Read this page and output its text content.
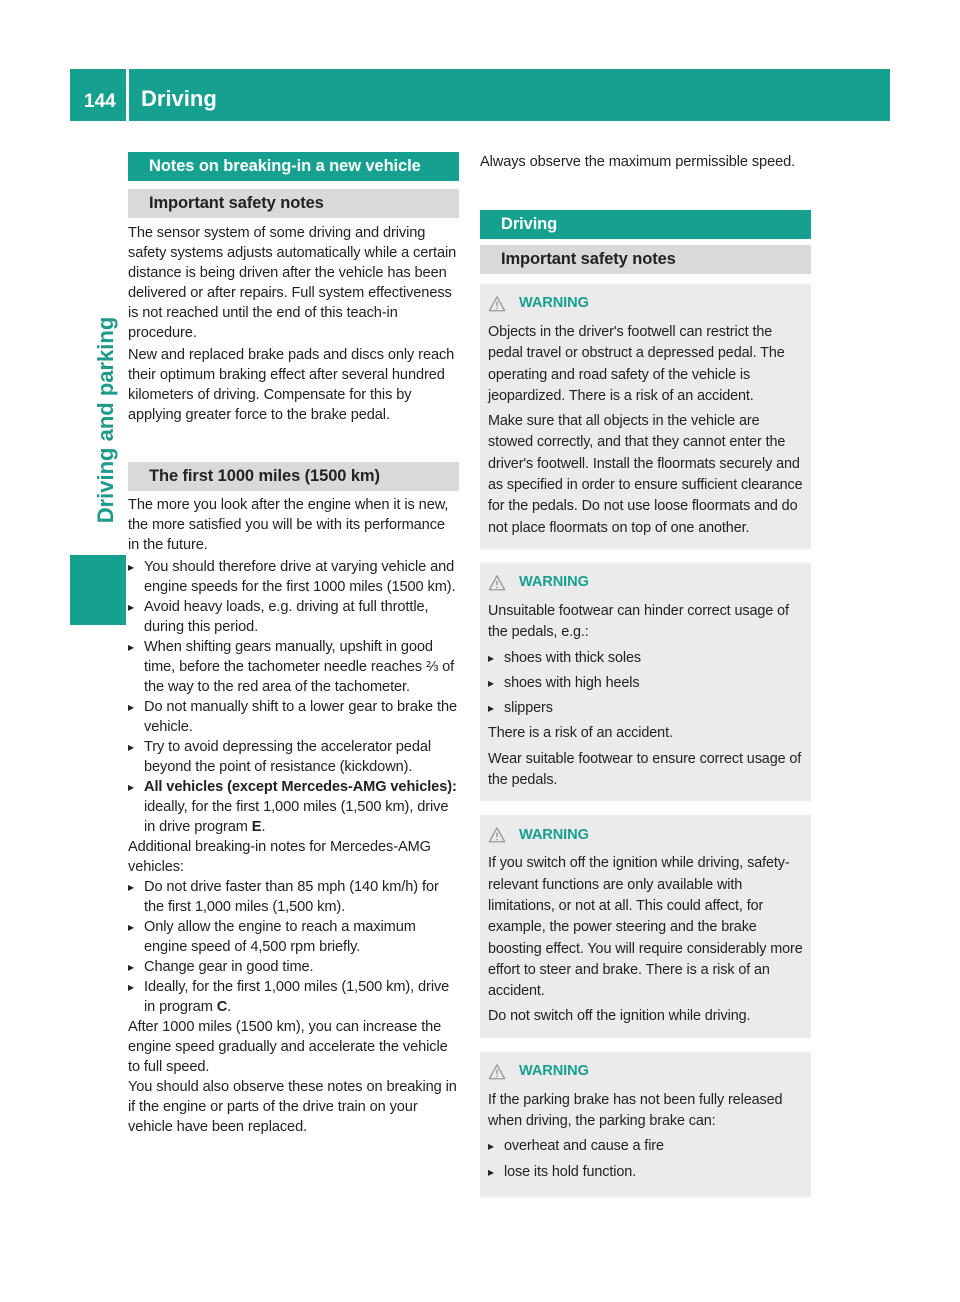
144 Driving
Driving and parking
Notes on breaking-in a new vehicle
Important safety notes

The sensor system of some driving and driving safety systems adjusts automatically while a certain distance is being driven after the vehicle has been delivered or after repairs. Full system effectiveness is not reached until the end of this teach-in procedure.

New and replaced brake pads and discs only reach their optimum braking effect after several hundred kilometers of driving. Compensate for this by applying greater force to the brake pedal.

The first 1000 miles (1500 km)

The more you look after the engine when it is new, the more satisfied you will be with its performance in the future.

▸ You should therefore drive at varying vehicle and engine speeds for the first 1000 miles (1500 km).
▸ Avoid heavy loads, e.g. driving at full throttle, during this period.
▸ When shifting gears manually, upshift in good time, before the tachometer needle reaches ⅔ of the way to the red area of the tachometer.
▸ Do not manually shift to a lower gear to brake the vehicle.
▸ Try to avoid depressing the accelerator pedal beyond the point of resistance (kickdown).
▸ All vehicles (except Mercedes-AMG vehicles): ideally, for the first 1,000 miles (1,500 km), drive in drive program E.

Additional breaking-in notes for Mercedes-AMG vehicles:

▸ Do not drive faster than 85 mph (140 km/h) for the first 1,000 miles (1,500 km).
▸ Only allow the engine to reach a maximum engine speed of 4,500 rpm briefly.
▸ Change gear in good time.
▸ Ideally, for the first 1,000 miles (1,500 km), drive in program C.

After 1000 miles (1500 km), you can increase the engine speed gradually and accelerate the vehicle to full speed.

You should also observe these notes on breaking in if the engine or parts of the drive train on your vehicle have been replaced.

Always observe the maximum permissible speed.

Driving
Important safety notes
WARNING

Objects in the driver's footwell can restrict the pedal travel or obstruct a depressed pedal. The operating and road safety of the vehicle is jeopardized. There is a risk of an accident.

Make sure that all objects in the vehicle are stowed correctly, and that they cannot enter the driver's footwell. Install the floormats securely and as specified in order to ensure sufficient clearance for the pedals. Do not use loose floormats and do not place floormats on top of one another.

WARNING

Unsuitable footwear can hinder correct usage of the pedals, e.g.:

▸ shoes with thick soles
▸ shoes with high heels
▸ slippers

There is a risk of an accident.

Wear suitable footwear to ensure correct usage of the pedals.

WARNING

If you switch off the ignition while driving, safety-relevant functions are only available with limitations, or not at all. This could affect, for example, the power steering and the brake boosting effect. You will require considerably more effort to steer and brake. There is a risk of an accident.

Do not switch off the ignition while driving.

WARNING

If the parking brake has not been fully released when driving, the parking brake can:

▸ overheat and cause a fire
▸ lose its hold function.
